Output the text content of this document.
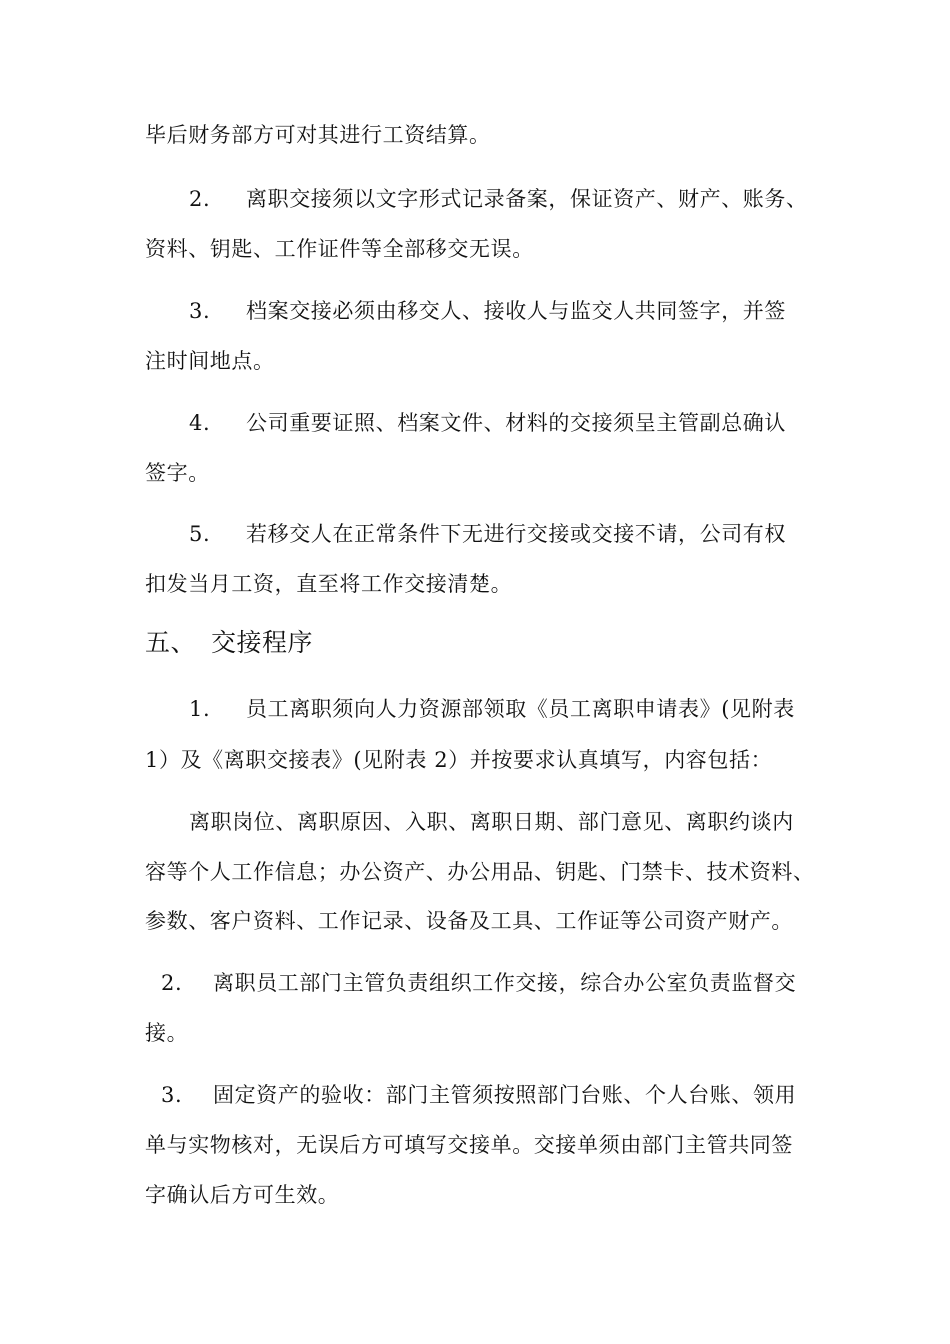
毕后财务部方可对其进行工资结算。
2. 离职交接须以文字形式记录备案，保证资产、财产、账务、
资料、钥匙、工作证件等全部移交无误。
3. 档案交接必须由移交人、接收人与监交人共同签字，并签
注时间地点。
4. 公司重要证照、档案文件、材料的交接须呈主管副总确认
签字。
5. 若移交人在正常条件下无进行交接或交接不请，公司有权
扣发当月工资，直至将工作交接清楚。
五、 交接程序
1. 员工离职须向人力资源部领取《员工离职申请表》(见附表
1）及《离职交接表》(见附表 2）并按要求认真填写，内容包括：
离职岗位、离职原因、入职、离职日期、部门意见、离职约谈内
容等个人工作信息；办公资产、办公用品、钥匙、门禁卡、技术资料、
参数、客户资料、工作记录、设备及工具、工作证等公司资产财产。
2. 离职员工部门主管负责组织工作交接，综合办公室负责监督交
接。
3. 固定资产的验收：部门主管须按照部门台账、个人台账、领用
单与实物核对，无误后方可填写交接单。交接单须由部门主管共同签
字确认后方可生效。
